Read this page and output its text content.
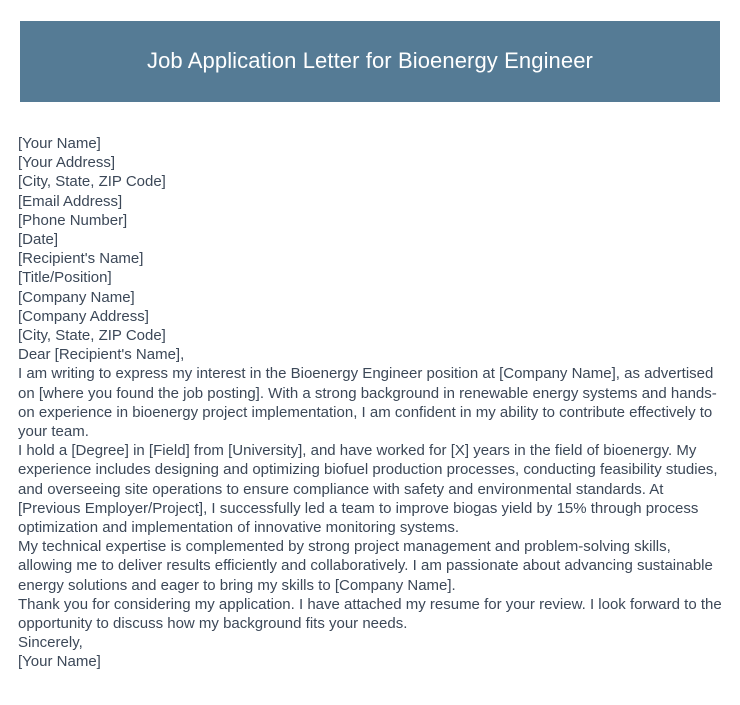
Job Application Letter for Bioenergy Engineer
[Your Name]
[Your Address]
[City, State, ZIP Code]
[Email Address]
[Phone Number]
[Date]
[Recipient's Name]
[Title/Position]
[Company Name]
[Company Address]
[City, State, ZIP Code]
Dear [Recipient's Name],

I am writing to express my interest in the Bioenergy Engineer position at [Company Name], as advertised on [where you found the job posting]. With a strong background in renewable energy systems and hands-on experience in bioenergy project implementation, I am confident in my ability to contribute effectively to your team.

I hold a [Degree] in [Field] from [University], and have worked for [X] years in the field of bioenergy. My experience includes designing and optimizing biofuel production processes, conducting feasibility studies, and overseeing site operations to ensure compliance with safety and environmental standards. At [Previous Employer/Project], I successfully led a team to improve biogas yield by 15% through process optimization and implementation of innovative monitoring systems.

My technical expertise is complemented by strong project management and problem-solving skills, allowing me to deliver results efficiently and collaboratively. I am passionate about advancing sustainable energy solutions and eager to bring my skills to [Company Name].

Thank you for considering my application. I have attached my resume for your review. I look forward to the opportunity to discuss how my background fits your needs.

Sincerely,
[Your Name]
